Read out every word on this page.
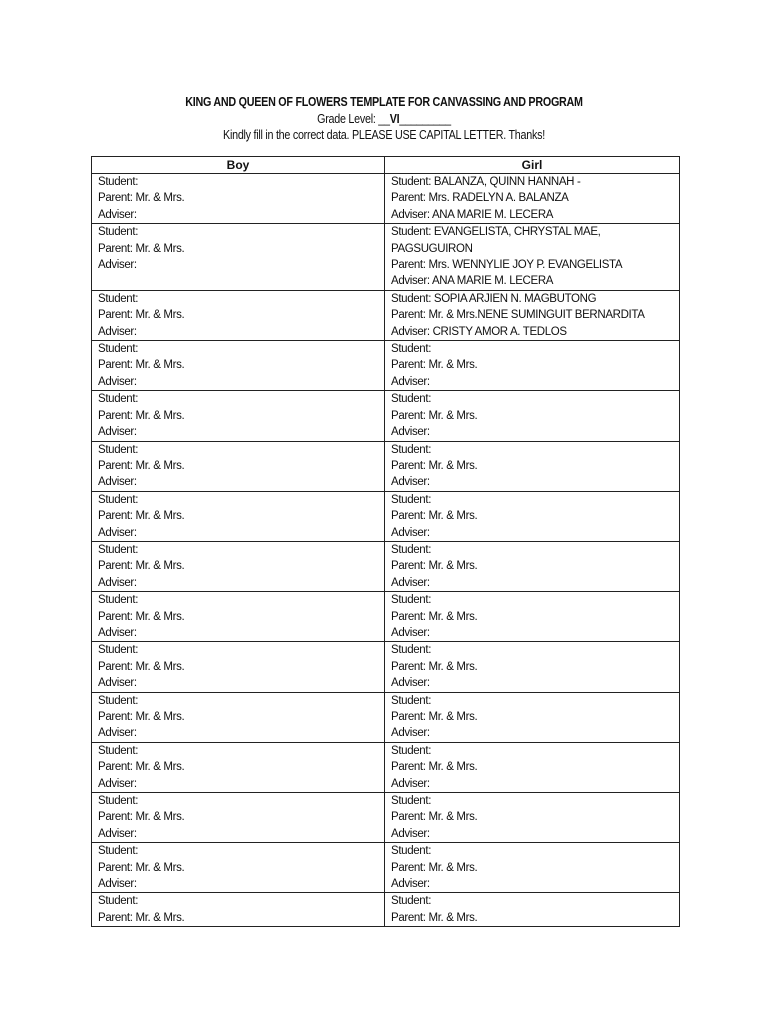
KING AND QUEEN OF FLOWERS TEMPLATE FOR CANVASSING AND PROGRAM
Grade Level: __VI_________
Kindly fill in the correct data. PLEASE USE CAPITAL LETTER. Thanks!
Boy	Girl

Student:
Parent: Mr. & Mrs.
Adviser:	Student: BALANZA, QUINN HANNAH -
Parent: Mrs. RADELYN A. BALANZA
Adviser: ANA MARIE M. LECERA

Student:
Parent: Mr. & Mrs.
Adviser:	Student: EVANGELISTA, CHRYSTAL MAE,
PAGSUGUIRON
Parent: Mrs. WENNYLIE JOY P. EVANGELISTA
Adviser: ANA MARIE M. LECERA

Student:
Parent: Mr. & Mrs.
Adviser:	Student: SOPIA ARJIEN N. MAGBUTONG
Parent: Mr. & Mrs.NENE SUMINGUIT BERNARDITA
Adviser: CRISTY AMOR A. TEDLOS

Student:
Parent: Mr. & Mrs.
Adviser:	Student:
Parent: Mr. & Mrs.
Adviser:

Student:
Parent: Mr. & Mrs.
Adviser:	Student:
Parent: Mr. & Mrs.
Adviser:

Student:
Parent: Mr. & Mrs.
Adviser:	Student:
Parent: Mr. & Mrs.
Adviser:

Student:
Parent: Mr. & Mrs.
Adviser:	Student:
Parent: Mr. & Mrs.
Adviser:

Student:
Parent: Mr. & Mrs.
Adviser:	Student:
Parent: Mr. & Mrs.
Adviser:

Student:
Parent: Mr. & Mrs.
Adviser:	Student:
Parent: Mr. & Mrs.
Adviser:

Student:
Parent: Mr. & Mrs.
Adviser:	Student:
Parent: Mr. & Mrs.
Adviser:

Student:
Parent: Mr. & Mrs.
Adviser:	Student:
Parent: Mr. & Mrs.
Adviser:

Student:
Parent: Mr. & Mrs.
Adviser:	Student:
Parent: Mr. & Mrs.
Adviser:

Student:
Parent: Mr. & Mrs.
Adviser:	Student:
Parent: Mr. & Mrs.
Adviser:

Student:
Parent: Mr. & Mrs.
Adviser:	Student:
Parent: Mr. & Mrs.
Adviser:

Student:
Parent: Mr. & Mrs.	Student:
Parent: Mr. & Mrs.
